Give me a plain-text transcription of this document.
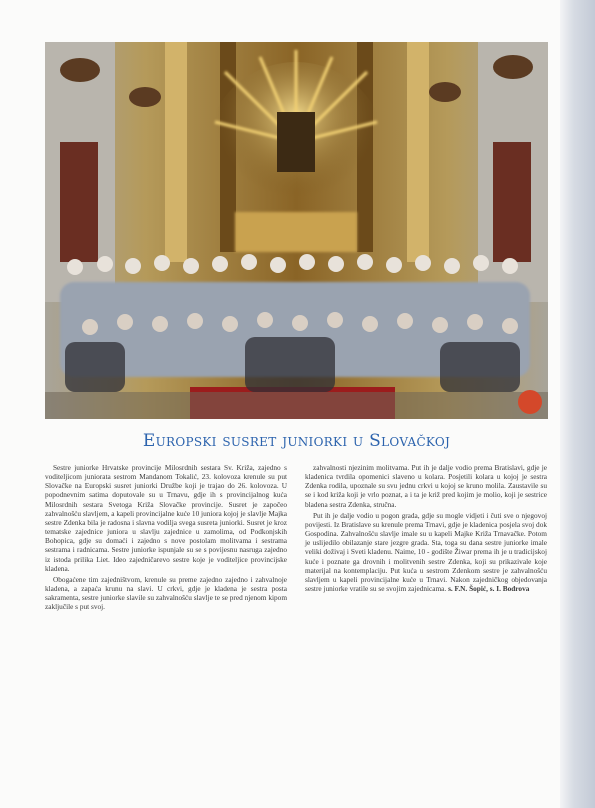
Europski susret juniorki u Slovačkoj

Sestre juniorke Hrvatske provincije Milosrdnih sestara Sv. Križa, zajedno s voditeljicom juniorata sestrom Mandanom Tokalić, 23. kolovoza krenule su put Slovačke na Europski susret juniorki Družbe koji je trajao do 26. kolovoza. U popodnevnim satima doputovale su u Trnavu, gdje ih s provincijalnog kuća Milosrdnih sestara Svetoga Križa Slovačke provincije. Susret je započeo zahvalnošću slavljem, a kapeli provincijalne kuće 10 juniora kojoj je slavlje Majka sestre Zdenka bila je radosna i slavna vodilja svega susreta juniorki. Susret je kroz tematske zajednice juniora u slavlju zajednice u zamolima, od Podkonjskih Bohopica, gdje su domaći i zajedno s nove postolam molitvama i sestrama sestrama i radnicama. Sestre juniorke ispunjale su se s povijesnu nasruga zajedno iz istoda prilika Liet. Ideo zajedničarevo sestre koje je voditeljice provincijske kladena.

Obogaćene tim zajedništvom, krenule su preme zajedno zajedno i zahvalnoje kladena, a zapaća krunu na slavi. U crkvi, gdje je kladena je sestra posta sakramenta, sestre juniorke slavile su zahvalnošću slavlje te se pred njenom kipom zaključile s put svoj.

zahvalnosti njezinim molitvama. Put ih je dalje vodio prema Bratislavi, gdje je kladenica tvrdila opomenici slaveno u kolara. Posjetili kolara u kojoj je sestra Zdenka rodila, upoznale su svu jednu crkvi u kojoj se kruno molila. Zaustavile su se i kod križa koji je vrlo poznat, a i ta je križ pred kojim je molio, koji je sestrice bladena sestra Zdenka, stručna.

Put ih je dalje vodio u pogon grada, gdje su mogle vidjeti i čuti sve o njegovoj povijesti. Iz Bratislave su krenule prema Trnavi, gdje je kladenica posjela svoj dok Gospodina. Zahvalnošću slavlje imale su u kapeli Majke Križa Trnavačke. Potom je uslijedilo obilazanje stare jezgre grada. Sta, toga su dana sestre juniorke imale veliki doživaj i Sveti kladenu. Naime, 10 - godište Žiwar prema ih je u tradicijskoj kuće i poznate ga drovnih i molitvenih sestre Zdenka, koji su prikazivale koje materijal na kontemplaciju. Put kuća u sestrom Zdenkom sestre je zahvalnošću slavljem u kapeli provincijalne kuće u Trnavi. Nakon zajedničkog objedovanja sestre juniorke vratile su se svojim zajednicama. s. F.N. Šopić, s. I. Bodrova
